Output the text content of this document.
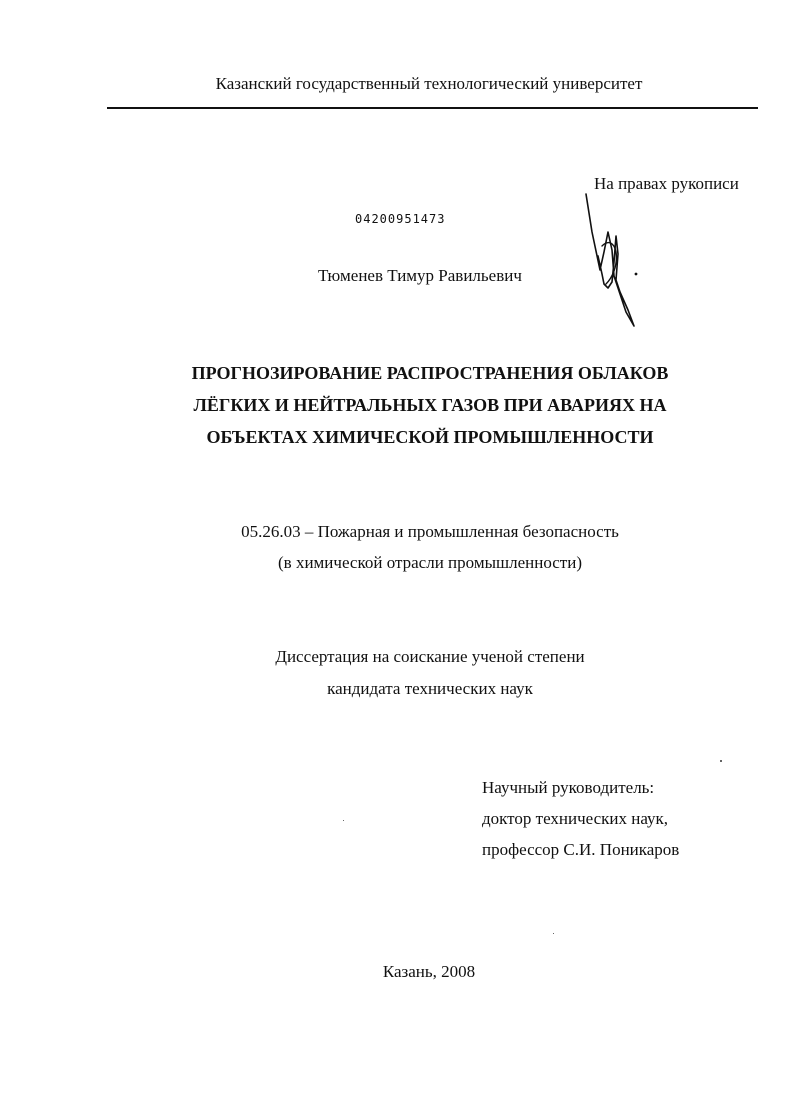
Казанский государственный технологический университет
На правах рукописи
04200951473
Тюменев Тимур Равильевич
ПРОГНОЗИРОВАНИЕ РАСПРОСТРАНЕНИЯ ОБЛАКОВ
ЛЁГКИХ И НЕЙТРАЛЬНЫХ ГАЗОВ ПРИ АВАРИЯХ НА
ОБЪЕКТАХ ХИМИЧЕСКОЙ ПРОМЫШЛЕННОСТИ
05.26.03 – Пожарная и промышленная безопасность
(в химической отрасли промышленности)
Диссертация на соискание ученой степени
кандидата технических наук
Научный руководитель:
доктор технических наук,
профессор С.И. Поникаров
Казань, 2008
